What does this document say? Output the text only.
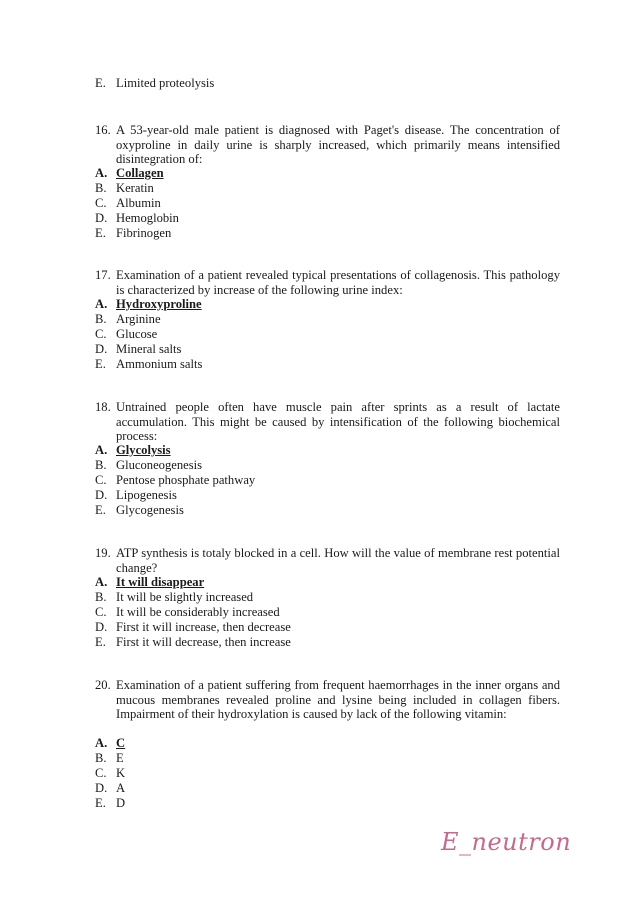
E. Limited proteolysis
16. A 53-year-old male patient is diagnosed with Paget's disease. The concentration of oxyproline in daily urine is sharply increased, which primarily means intensified disintegration of:
A. Collagen
B. Keratin
C. Albumin
D. Hemoglobin
E. Fibrinogen
17. Examination of a patient revealed typical presentations of collagenosis. This pathology is characterized by increase of the following urine index:
A. Hydroxyproline
B. Arginine
C. Glucose
D. Mineral salts
E. Ammonium salts
18. Untrained people often have muscle pain after sprints as a result of lactate accumulation. This might be caused by intensification of the following biochemical process:
A. Glycolysis
B. Gluconeogenesis
C. Pentose phosphate pathway
D. Lipogenesis
E. Glycogenesis
19. ATP synthesis is totaly blocked in a cell. How will the value of membrane rest potential change?
A. It will disappear
B. It will be slightly increased
C. It will be considerably increased
D. First it will increase, then decrease
E. First it will decrease, then increase
20. Examination of a patient suffering from frequent haemorrhages in the inner organs and mucous membranes revealed proline and lysine being included in collagen fibers. Impairment of their hydroxylation is caused by lack of the following vitamin:
A. C
B. E
C. K
D. A
E. D
E_neutron
